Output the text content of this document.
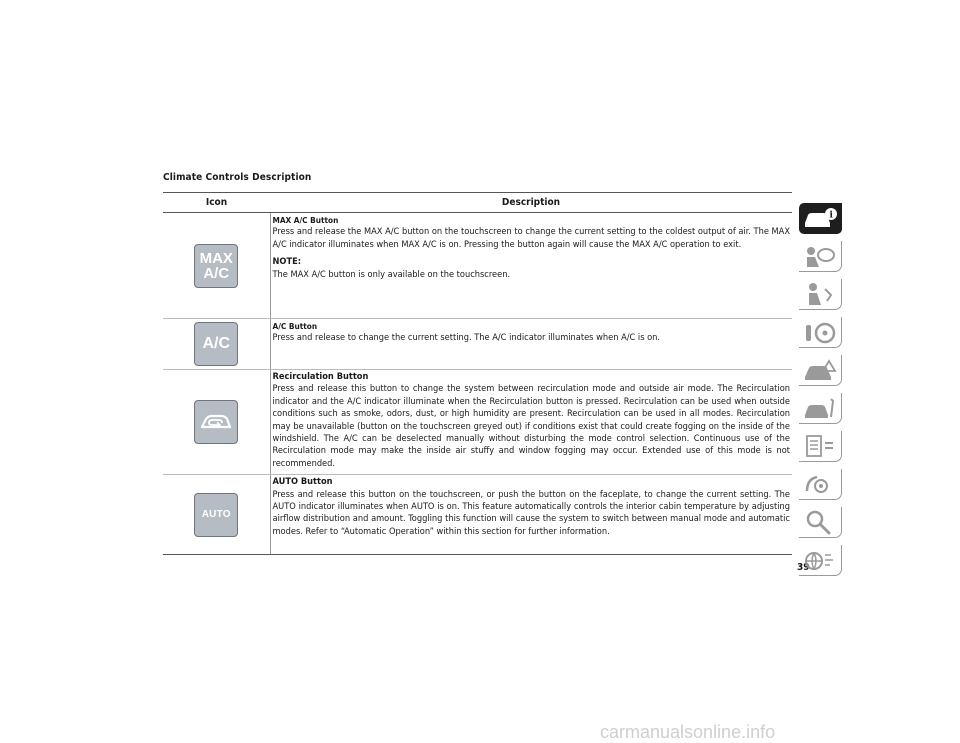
Climate Controls Description
Icon	Description

MAX
A/C	MAX A/C Button
Press and release the MAX A/C button on the touchscreen to change the current setting to the coldest output of air. The MAX A/C indicator illuminates when MAX A/C is on. Pressing the button again will cause the MAX A/C operation to exit.
NOTE:
The MAX A/C button is only available on the touchscreen.

A/C	A/C Button
Press and release to change the current setting. The A/C indicator illuminates when A/C is on.

Recirculation Button
Press and release this button to change the system between recirculation mode and outside air mode. The Recirculation indicator and the A/C indicator illuminate when the Recirculation button is pressed. Recirculation can be used when outside conditions such as smoke, odors, dust, or high humidity are present. Recirculation can be used in all modes. Recirculation may be unavailable (button on the touchscreen greyed out) if conditions exist that could create fogging on the inside of the windshield. The A/C can be deselected manually without disturbing the mode control selection. Continuous use of the Recirculation mode may make the inside air stuffy and window fogging may occur. Extended use of this mode is not recommended.

AUTO	AUTO Button
Press and release this button on the touchscreen, or push the button on the faceplate, to change the current setting. The AUTO indicator illuminates when AUTO is on. This feature automatically controls the interior cabin temperature by adjusting airflow distribution and amount. Toggling this function will cause the system to switch between manual mode and automatic modes. Refer to “Automatic Operation” within this section for further information.
39
i
carmanualsonline.info
